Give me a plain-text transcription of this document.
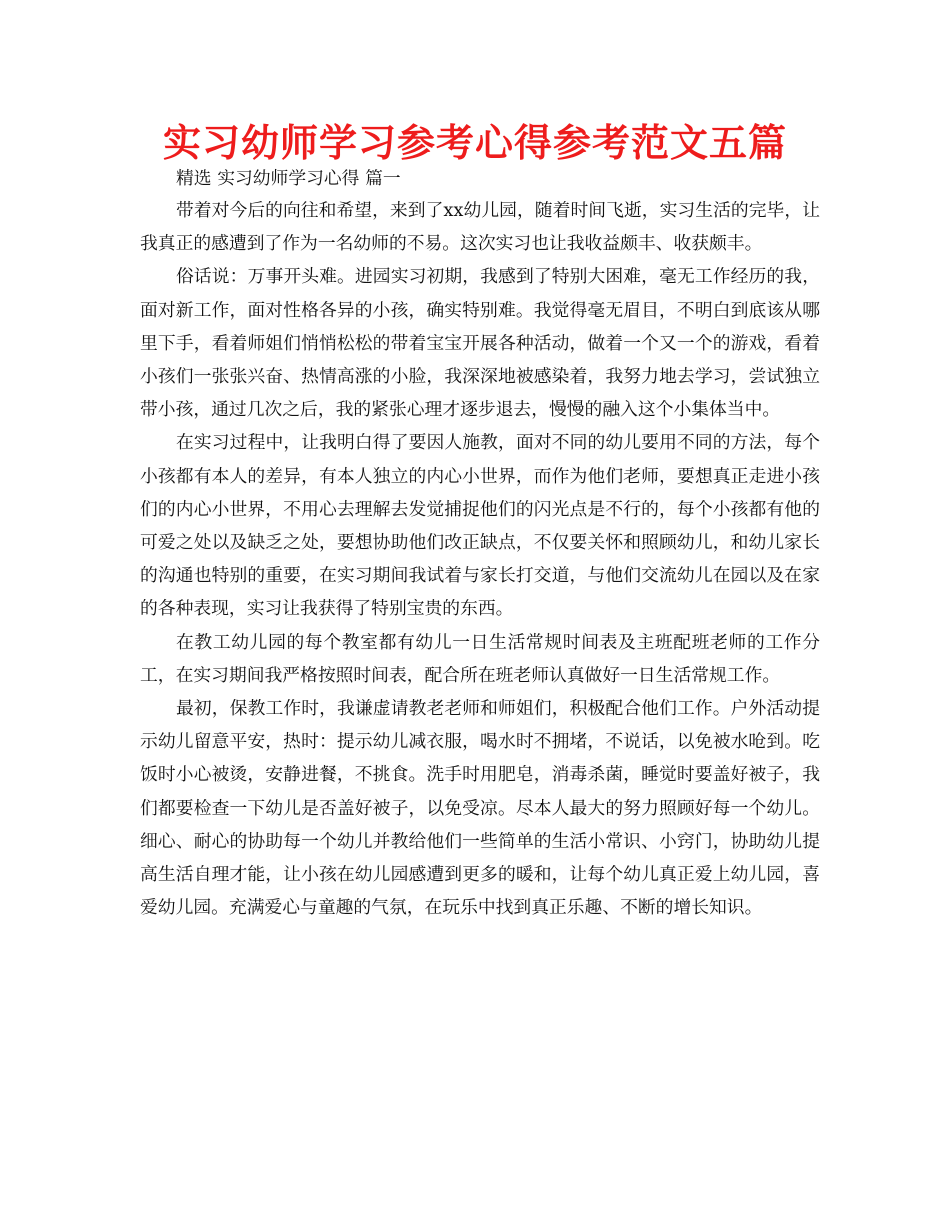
实习幼师学习参考心得参考范文五篇

精选 实习幼师学习心得 篇一

带着对今后的向往和希望，来到了xx幼儿园，随着时间飞逝，实习生活的完毕，让我真正的感遭到了作为一名幼师的不易。这次实习也让我收益颇丰、收获颇丰。

俗话说：万事开头难。进园实习初期，我感到了特别大困难，毫无工作经历的我，面对新工作，面对性格各异的小孩，确实特别难。我觉得毫无眉目，不明白到底该从哪里下手，看着师姐们悄悄松松的带着宝宝开展各种活动，做着一个又一个的游戏，看着小孩们一张张兴奋、热情高涨的小脸，我深深地被感染着，我努力地去学习，尝试独立带小孩，通过几次之后，我的紧张心理才逐步退去，慢慢的融入这个小集体当中。

在实习过程中，让我明白得了要因人施教，面对不同的幼儿要用不同的方法，每个小孩都有本人的差异，有本人独立的内心小世界，而作为他们老师，要想真正走进小孩们的内心小世界，不用心去理解去发觉捕捉他们的闪光点是不行的，每个小孩都有他的可爱之处以及缺乏之处，要想协助他们改正缺点，不仅要关怀和照顾幼儿，和幼儿家长的沟通也特别的重要，在实习期间我试着与家长打交道，与他们交流幼儿在园以及在家的各种表现，实习让我获得了特别宝贵的东西。

在教工幼儿园的每个教室都有幼儿一日生活常规时间表及主班配班老师的工作分工，在实习期间我严格按照时间表，配合所在班老师认真做好一日生活常规工作。

最初，保教工作时，我谦虚请教老老师和师姐们，积极配合他们工作。户外活动提示幼儿留意平安，热时：提示幼儿减衣服，喝水时不拥堵，不说话，以免被水呛到。吃饭时小心被烫，安静进餐，不挑食。洗手时用肥皂，消毒杀菌，睡觉时要盖好被子，我们都要检查一下幼儿是否盖好被子，以免受凉。尽本人最大的努力照顾好每一个幼儿。细心、耐心的协助每一个幼儿并教给他们一些简单的生活小常识、小窍门，协助幼儿提高生活自理才能，让小孩在幼儿园感遭到更多的暖和，让每个幼儿真正爱上幼儿园，喜爱幼儿园。充满爱心与童趣的气氛，在玩乐中找到真正乐趣、不断的增长知识。
